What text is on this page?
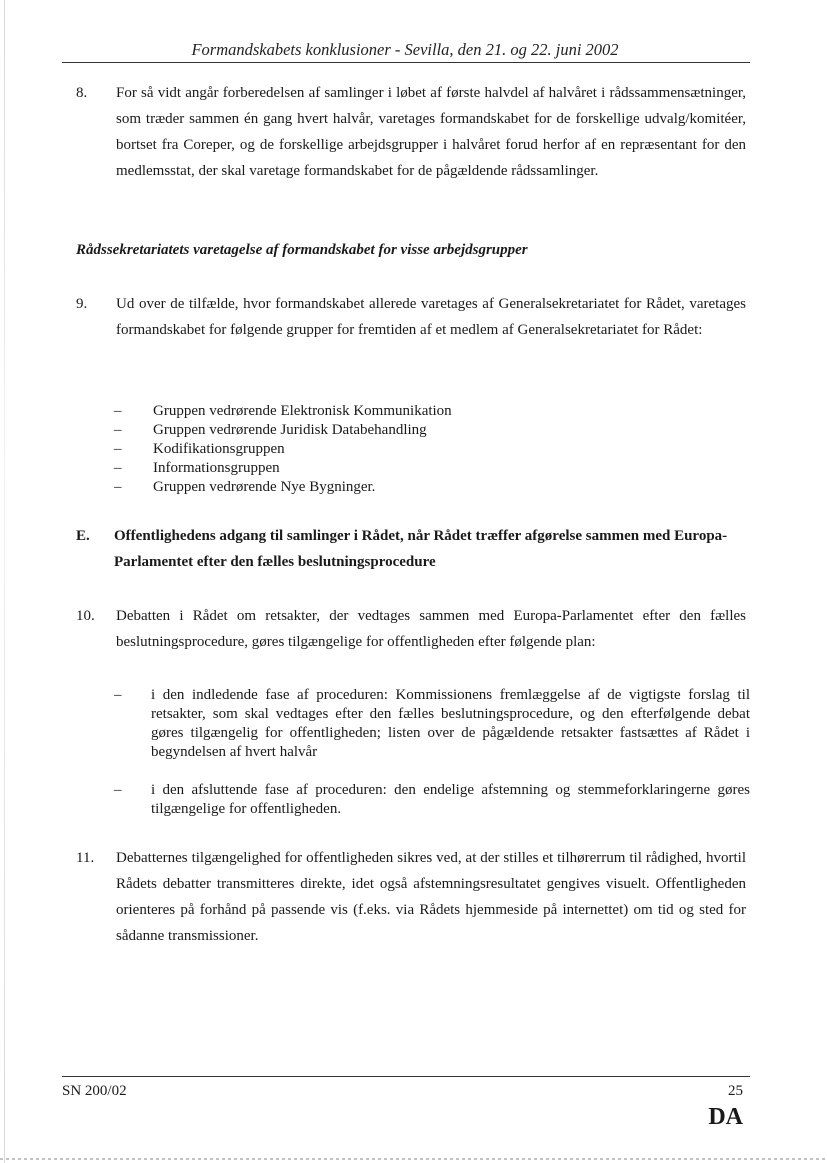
Formandskabets konklusioner - Sevilla, den 21. og 22. juni 2002
8. For så vidt angår forberedelsen af samlinger i løbet af første halvdel af halvåret i rådssammensætninger, som træder sammen én gang hvert halvår, varetages formandskabet for de forskellige udvalg/komitéer, bortset fra Coreper, og de forskellige arbejdsgrupper i halvåret forud herfor af en repræsentant for den medlemsstat, der skal varetage formandskabet for de pågældende rådssamlinger.
Rådssekretariatets varetagelse af formandskabet for visse arbejdsgrupper
9. Ud over de tilfælde, hvor formandskabet allerede varetages af Generalsekretariatet for Rådet, varetages formandskabet for følgende grupper for fremtiden af et medlem af Generalsekretariatet for Rådet:
– Gruppen vedrørende Elektronisk Kommunikation
– Gruppen vedrørende Juridisk Databehandling
– Kodifikationsgruppen
– Informationsgruppen
– Gruppen vedrørende Nye Bygninger.
E. Offentlighedens adgang til samlinger i Rådet, når Rådet træffer afgørelse sammen med Europa-Parlamentet efter den fælles beslutningsprocedure
10. Debatten i Rådet om retsakter, der vedtages sammen med Europa-Parlamentet efter den fælles beslutningsprocedure, gøres tilgængelige for offentligheden efter følgende plan:
– i den indledende fase af proceduren: Kommissionens fremlæggelse af de vigtigste forslag til retsakter, som skal vedtages efter den fælles beslutningsprocedure, og den efterfølgende debat gøres tilgængelig for offentligheden; listen over de pågældende retsakter fastsættes af Rådet i begyndelsen af hvert halvår
– i den afsluttende fase af proceduren: den endelige afstemning og stemmeforklaringerne gøres tilgængelige for offentligheden.
11. Debatternes tilgængelighed for offentligheden sikres ved, at der stilles et tilhørerrum til rådighed, hvortil Rådets debatter transmitteres direkte, idet også afstemningsresultatet gengives visuelt. Offentligheden orienteres på forhånd på passende vis (f.eks. via Rådets hjemmeside på internettet) om tid og sted for sådanne transmissioner.
SN 200/02	25
DA
